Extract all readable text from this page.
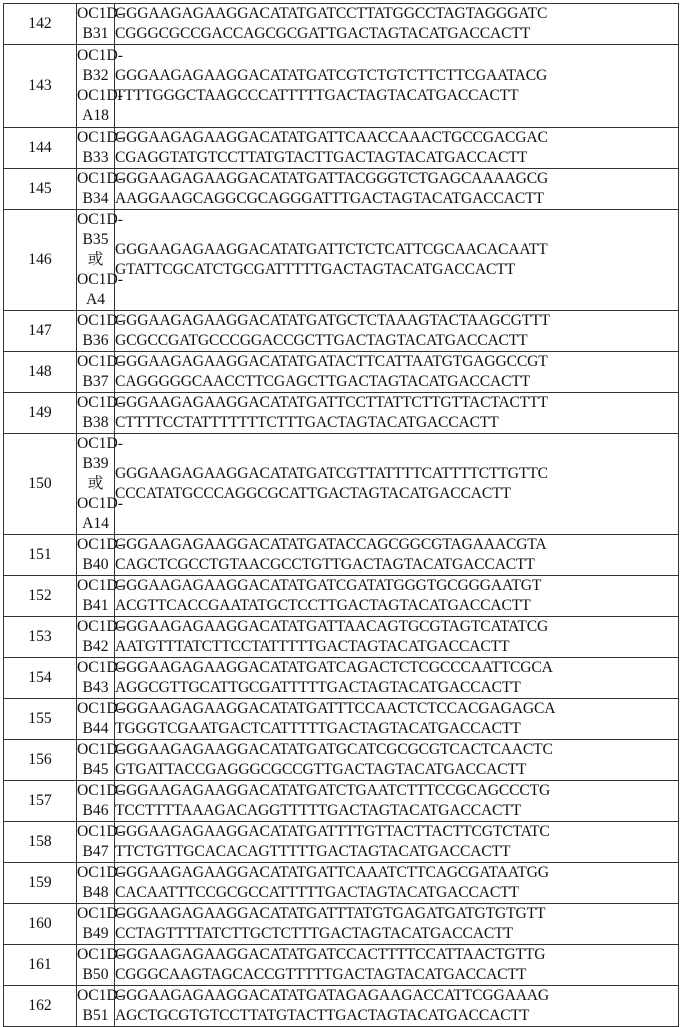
142	
OC1D-
B31

GGGAAGAGAAGGACATATGATCCTTATGGCCTAGTAGGGATC
CGGGCGCCGACCAGCGCGATTGACTAGTACATGACCACTT

143	
OC1D-
B32
OC1D-
A18

GGGAAGAGAAGGACATATGATCGTCTGTCTTCTTCGAATACG
TTTTGGGCTAAGCCCATTTTTGACTAGTACATGACCACTT

144	
OC1D-
B33

GGGAAGAGAAGGACATATGATTCAACCAAACTGCCGACGAC
CGAGGTATGTCCTTATGTACTTGACTAGTACATGACCACTT

145	
OC1D-
B34

GGGAAGAGAAGGACATATGATTACGGGTCTGAGCAAAAGCG
AAGGAAGCAGGCGCAGGGATTTGACTAGTACATGACCACTT

146	
OC1D-
B35 或
OC1D-
A4

GGGAAGAGAAGGACATATGATTCTCTCATTCGCAACACAATT
GTATTCGCATCTGCGATTTTTGACTAGTACATGACCACTT

147	
OC1D-
B36

GGGAAGAGAAGGACATATGATGCTCTAAAGTACTAAGCGTTT
GCGCCGATGCCCGGACCGCTTGACTAGTACATGACCACTT

148	
OC1D-
B37

GGGAAGAGAAGGACATATGATACTTCATTAATGTGAGGCCGT
CAGGGGGCAACCTTCGAGCTTGACTAGTACATGACCACTT

149	
OC1D-
B38

GGGAAGAGAAGGACATATGATTCCTTATTCTTGTTACTACTTT
CTTTTCCTATTTTTTTCTTTGACTAGTACATGACCACTT

150	
OC1D-
B39 或
OC1D-
A14

GGGAAGAGAAGGACATATGATCGTTATTTTCATTTTCTTGTTC
CCCATATGCCCAGGCGCATTGACTAGTACATGACCACTT

151	
OC1D-
B40

GGGAAGAGAAGGACATATGATACCAGCGGCGTAGAAACGTA
CAGCTCGCCTGTAACGCCTGTTGACTAGTACATGACCACTT

152	
OC1D-
B41

GGGAAGAGAAGGACATATGATCGATATGGGTGCGGGAATGT
ACGTTCACCGAATATGCTCCTTGACTAGTACATGACCACTT

153	
OC1D-
B42

GGGAAGAGAAGGACATATGATTAACAGTGCGTAGTCATATCG
AATGTTTATCTTCCTATTTTTGACTAGTACATGACCACTT

154	
OC1D-
B43

GGGAAGAGAAGGACATATGATCAGACTCTCGCCCAATTCGCA
AGGCGTTGCATTGCGATTTTTGACTAGTACATGACCACTT

155	
OC1D-
B44

GGGAAGAGAAGGACATATGATTTCCAACTCTCCACGAGAGCA
TGGGTCGAATGACTCATTTTTGACTAGTACATGACCACTT

156	
OC1D-
B45

GGGAAGAGAAGGACATATGATGCATCGCGCGTCACTCAACTC
GTGATTACCGAGGGCGCCGTTGACTAGTACATGACCACTT

157	
OC1D-
B46

GGGAAGAGAAGGACATATGATCTGAATCTTTCCGCAGCCCTG
TCCTTTTAAAGACAGGTTTTTGACTAGTACATGACCACTT

158	
OC1D-
B47

GGGAAGAGAAGGACATATGATTTTGTTACTTACTTCGTCTATC
TTCTGTTGCACACAGTTTTTGACTAGTACATGACCACTT

159	
OC1D-
B48

GGGAAGAGAAGGACATATGATTCAAATCTTCAGCGATAATGG
CACAATTTCCGCGCCATTTTTGACTAGTACATGACCACTT

160	
OC1D-
B49

GGGAAGAGAAGGACATATGATTTATGTGAGATGATGTGTGTT
CCTAGTTTTATCTTGCTCTTTGACTAGTACATGACCACTT

161	
OC1D-
B50

GGGAAGAGAAGGACATATGATCCACTTTTCCATTAACTGTTG
CGGGCAAGTAGCACCGTTTTTGACTAGTACATGACCACTT

162	
OC1D-
B51

GGGAAGAGAAGGACATATGATAGAGAAGACCATTCGGAAAG
AGCTGCGTGTCCTTATGTACTTGACTAGTACATGACCACTT
